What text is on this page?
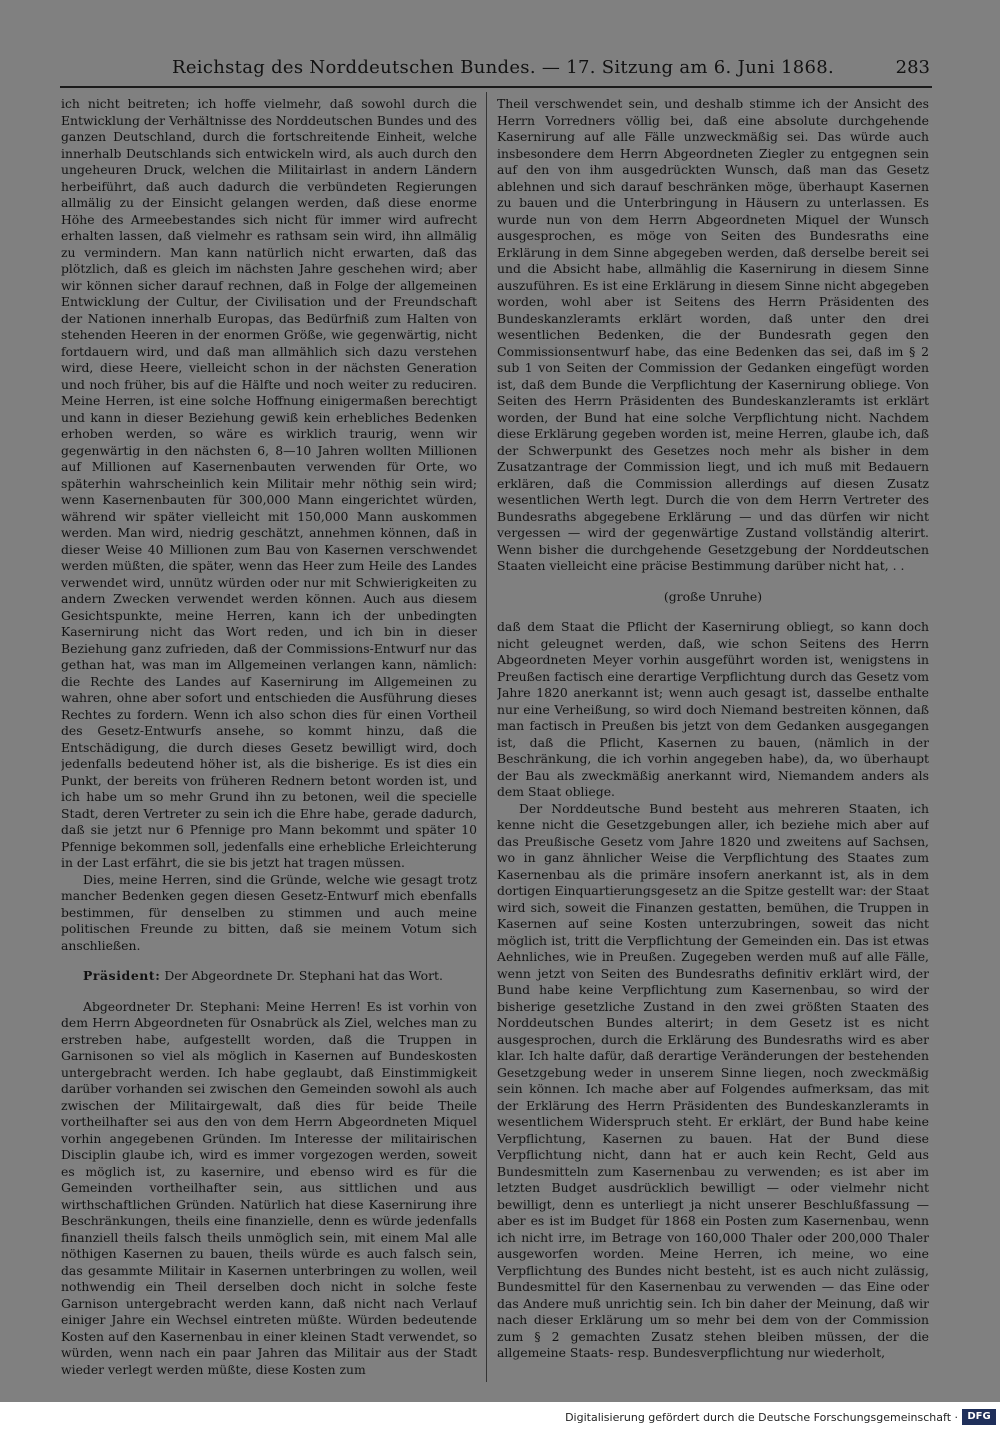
Reichstag des Norddeutschen Bundes. — 17. Sitzung am 6. Juni 1868.	283

ich nicht beitreten; ich hoffe vielmehr, daß sowohl durch die Entwicklung der Verhältnisse des Norddeutschen Bundes und des ganzen Deutschland, durch die fortschreitende Einheit, welche innerhalb Deutschlands sich entwickeln wird, als auch durch den ungeheuren Druck, welchen die Militairlast in andern Ländern herbeiführt, daß auch dadurch die verbündeten Regierungen allmälig zu der Einsicht gelangen werden, daß diese enorme Höhe des Armeebestandes sich nicht für immer wird aufrecht erhalten lassen, daß vielmehr es rathsam sein wird, ihn allmälig zu vermindern. Man kann natürlich nicht erwarten, daß das plötzlich, daß es gleich im nächsten Jahre geschehen wird; aber wir können sicher darauf rechnen, daß in Folge der allgemeinen Entwicklung der Cultur, der Civilisation und der Freundschaft der Nationen innerhalb Europas, das Bedürfniß zum Halten von stehenden Heeren in der enormen Größe, wie gegenwärtig, nicht fortdauern wird, und daß man allmählich sich dazu verstehen wird, diese Heere, vielleicht schon in der nächsten Generation und noch früher, bis auf die Hälfte und noch weiter zu reduciren. Meine Herren, ist eine solche Hoffnung einigermaßen berechtigt und kann in dieser Beziehung gewiß kein erhebliches Bedenken erhoben werden, so wäre es wirklich traurig, wenn wir gegenwärtig in den nächsten 6, 8—10 Jahren wollten Millionen auf Millionen auf Kasernenbauten verwenden für Orte, wo späterhin wahrscheinlich kein Militair mehr nöthig sein wird; wenn Kasernenbauten für 300,000 Mann eingerichtet würden, während wir später vielleicht mit 150,000 Mann auskommen werden. Man wird, niedrig geschätzt, annehmen können, daß in dieser Weise 40 Millionen zum Bau von Kasernen verschwendet werden müßten, die später, wenn das Heer zum Heile des Landes verwendet wird, unnütz würden oder nur mit Schwierigkeiten zu andern Zwecken verwendet werden können. Auch aus diesem Gesichtspunkte, meine Herren, kann ich der unbedingten Kasernirung nicht das Wort reden, und ich bin in dieser Beziehung ganz zufrieden, daß der Commissions-Entwurf nur das gethan hat, was man im Allgemeinen verlangen kann, nämlich: die Rechte des Landes auf Kasernirung im Allgemeinen zu wahren, ohne aber sofort und entschieden die Ausführung dieses Rechtes zu fordern. Wenn ich also schon dies für einen Vortheil des Gesetz-Entwurfs ansehe, so kommt hinzu, daß die Entschädigung, die durch dieses Gesetz bewilligt wird, doch jedenfalls bedeutend höher ist, als die bisherige. Es ist dies ein Punkt, der bereits von früheren Rednern betont worden ist, und ich habe um so mehr Grund ihn zu betonen, weil die specielle Stadt, deren Vertreter zu sein ich die Ehre habe, gerade dadurch, daß sie jetzt nur 6 Pfennige pro Mann bekommt und später 10 Pfennige bekommen soll, jedenfalls eine erhebliche Erleichterung in der Last erfährt, die sie bis jetzt hat tragen müssen.

Dies, meine Herren, sind die Gründe, welche wie gesagt trotz mancher Bedenken gegen diesen Gesetz-Entwurf mich ebenfalls bestimmen, für denselben zu stimmen und auch meine politischen Freunde zu bitten, daß sie meinem Votum sich anschließen.

Präsident: Der Abgeordnete Dr. Stephani hat das Wort.

Abgeordneter Dr. Stephani: Meine Herren! Es ist vorhin von dem Herrn Abgeordneten für Osnabrück als Ziel, welches man zu erstreben habe, aufgestellt worden, daß die Truppen in Garnisonen so viel als möglich in Kasernen auf Bundeskosten untergebracht werden. Ich habe geglaubt, daß Einstimmigkeit darüber vorhanden sei zwischen den Gemeinden sowohl als auch zwischen der Militairgewalt, daß dies für beide Theile vortheilhafter sei aus den von dem Herrn Abgeordneten Miquel vorhin angegebenen Gründen. Im Interesse der militairischen Disciplin glaube ich, wird es immer vorgezogen werden, soweit es möglich ist, zu kasernire, und ebenso wird es für die Gemeinden vortheilhafter sein, aus sittlichen und aus wirthschaftlichen Gründen. Natürlich hat diese Kasernirung ihre Beschränkungen, theils eine finanzielle, denn es würde jedenfalls finanziell theils falsch theils unmöglich sein, mit einem Mal alle nöthigen Kasernen zu bauen, theils würde es auch falsch sein, das gesammte Militair in Kasernen unterbringen zu wollen, weil nothwendig ein Theil derselben doch nicht in solche feste Garnison untergebracht werden kann, daß nicht nach Verlauf einiger Jahre ein Wechsel eintreten müßte. Würden bedeutende Kosten auf den Kasernenbau in einer kleinen Stadt verwendet, so würden, wenn nach ein paar Jahren das Militair aus der Stadt wieder verlegt werden müßte, diese Kosten zum

Theil verschwendet sein, und deshalb stimme ich der Ansicht des Herrn Vorredners völlig bei, daß eine absolute durchgehende Kasernirung auf alle Fälle unzweckmäßig sei. Das würde auch insbesondere dem Herrn Abgeordneten Ziegler zu entgegnen sein auf den von ihm ausgedrückten Wunsch, daß man das Gesetz ablehnen und sich darauf beschränken möge, überhaupt Kasernen zu bauen und die Unterbringung in Häusern zu unterlassen. Es wurde nun von dem Herrn Abgeordneten Miquel der Wunsch ausgesprochen, es möge von Seiten des Bundesraths eine Erklärung in dem Sinne abgegeben werden, daß derselbe bereit sei und die Absicht habe, allmählig die Kasernirung in diesem Sinne auszuführen. Es ist eine Erklärung in diesem Sinne nicht abgegeben worden, wohl aber ist Seitens des Herrn Präsidenten des Bundeskanzleramts erklärt worden, daß unter den drei wesentlichen Bedenken, die der Bundesrath gegen den Commissionsentwurf habe, das eine Bedenken das sei, daß im § 2 sub 1 von Seiten der Commission der Gedanken eingefügt worden ist, daß dem Bunde die Verpflichtung der Kasernirung obliege. Von Seiten des Herrn Präsidenten des Bundeskanzleramts ist erklärt worden, der Bund hat eine solche Verpflichtung nicht. Nachdem diese Erklärung gegeben worden ist, meine Herren, glaube ich, daß der Schwerpunkt des Gesetzes noch mehr als bisher in dem Zusatzantrage der Commission liegt, und ich muß mit Bedauern erklären, daß die Commission allerdings auf diesen Zusatz wesentlichen Werth legt. Durch die von dem Herrn Vertreter des Bundesraths abgegebene Erklärung — und das dürfen wir nicht vergessen — wird der gegenwärtige Zustand vollständig alterirt. Wenn bisher die durchgehende Gesetzgebung der Norddeutschen Staaten vielleicht eine präcise Bestimmung darüber nicht hat, . .

(große Unruhe)

daß dem Staat die Pflicht der Kasernirung obliegt, so kann doch nicht geleugnet werden, daß, wie schon Seitens des Herrn Abgeordneten Meyer vorhin ausgeführt worden ist, wenigstens in Preußen factisch eine derartige Verpflichtung durch das Gesetz vom Jahre 1820 anerkannt ist; wenn auch gesagt ist, dasselbe enthalte nur eine Verheißung, so wird doch Niemand bestreiten können, daß man factisch in Preußen bis jetzt von dem Gedanken ausgegangen ist, daß die Pflicht, Kasernen zu bauen, (nämlich in der Beschränkung, die ich vorhin angegeben habe), da, wo überhaupt der Bau als zweckmäßig anerkannt wird, Niemandem anders als dem Staat obliege.

Der Norddeutsche Bund besteht aus mehreren Staaten, ich kenne nicht die Gesetzgebungen aller, ich beziehe mich aber auf das Preußische Gesetz vom Jahre 1820 und zweitens auf Sachsen, wo in ganz ähnlicher Weise die Verpflichtung des Staates zum Kasernenbau als die primäre insofern anerkannt ist, als in dem dortigen Einquartierungsgesetz an die Spitze gestellt war: der Staat wird sich, soweit die Finanzen gestatten, bemühen, die Truppen in Kasernen auf seine Kosten unterzubringen, soweit das nicht möglich ist, tritt die Verpflichtung der Gemeinden ein. Das ist etwas Aehnliches, wie in Preußen. Zugegeben werden muß auf alle Fälle, wenn jetzt von Seiten des Bundesraths definitiv erklärt wird, der Bund habe keine Verpflichtung zum Kasernenbau, so wird der bisherige gesetzliche Zustand in den zwei größten Staaten des Norddeutschen Bundes alterirt; in dem Gesetz ist es nicht ausgesprochen, durch die Erklärung des Bundesraths wird es aber klar. Ich halte dafür, daß derartige Veränderungen der bestehenden Gesetzgebung weder in unserem Sinne liegen, noch zweckmäßig sein können. Ich mache aber auf Folgendes aufmerksam, das mit der Erklärung des Herrn Präsidenten des Bundeskanzleramts in wesentlichem Widerspruch steht. Er erklärt, der Bund habe keine Verpflichtung, Kasernen zu bauen. Hat der Bund diese Verpflichtung nicht, dann hat er auch kein Recht, Geld aus Bundesmitteln zum Kasernenbau zu verwenden; es ist aber im letzten Budget ausdrücklich bewilligt — oder vielmehr nicht bewilligt, denn es unterliegt ja nicht unserer Beschlußfassung — aber es ist im Budget für 1868 ein Posten zum Kasernenbau, wenn ich nicht irre, im Betrage von 160,000 Thaler oder 200,000 Thaler ausgeworfen worden. Meine Herren, ich meine, wo eine Verpflichtung des Bundes nicht besteht, ist es auch nicht zulässig, Bundesmittel für den Kasernenbau zu verwenden — das Eine oder das Andere muß unrichtig sein. Ich bin daher der Meinung, daß wir nach dieser Erklärung um so mehr bei dem von der Commission zum § 2 gemachten Zusatz stehen bleiben müssen, der die allgemeine Staats- resp. Bundesverpflichtung nur wiederholt,

Digitalisierung gefördert durch die Deutsche Forschungsgemeinschaft · DFG
